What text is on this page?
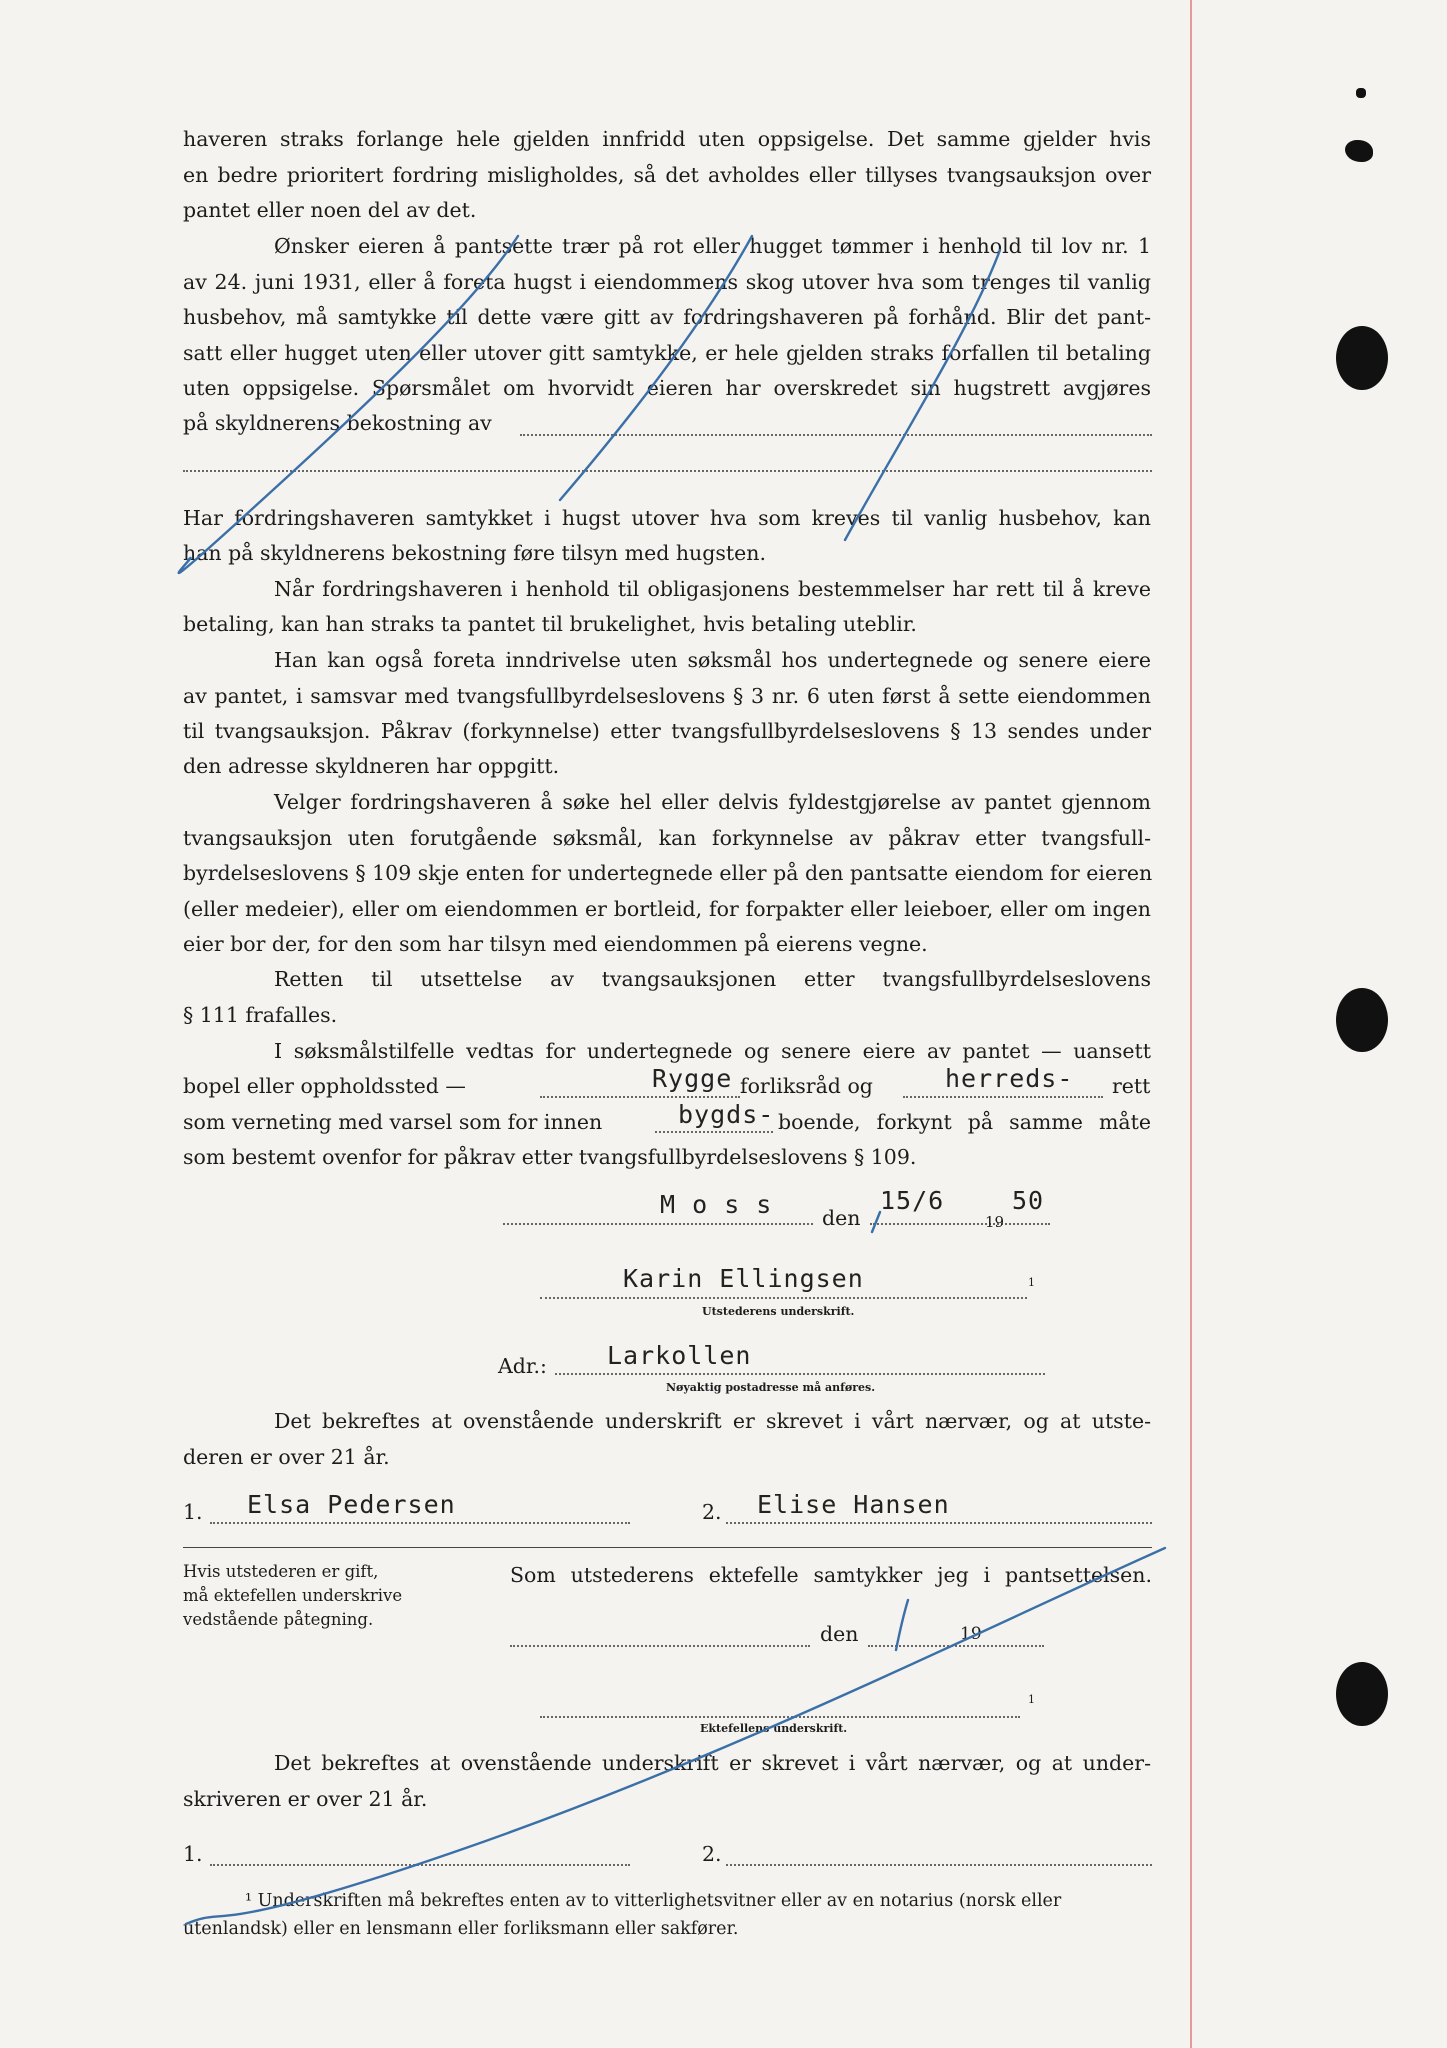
haveren straks forlange hele gjelden innfridd uten oppsigelse. Det samme gjelder hvis
en bedre prioritert fordring misligholdes, så det avholdes eller tillyses tvangsauksjon over
pantet eller noen del av det.
Ønsker eieren å pantsette trær på rot eller hugget tømmer i henhold til lov nr. 1
av 24. juni 1931, eller å foreta hugst i eiendommens skog utover hva som trenges til vanlig
husbehov, må samtykke til dette være gitt av fordringshaveren på forhånd. Blir det pant-
satt eller hugget uten eller utover gitt samtykke, er hele gjelden straks forfallen til betaling
uten oppsigelse. Spørsmålet om hvorvidt eieren har overskredet sin hugstrett avgjøres
på skyldnerens bekostning av
Har fordringshaveren samtykket i hugst utover hva som kreves til vanlig husbehov, kan
han på skyldnerens bekostning føre tilsyn med hugsten.
Når fordringshaveren i henhold til obligasjonens bestemmelser har rett til å kreve
betaling, kan han straks ta pantet til brukelighet, hvis betaling uteblir.
Han kan også foreta inndrivelse uten søksmål hos undertegnede og senere eiere
av pantet, i samsvar med tvangsfullbyrdelseslovens § 3 nr. 6 uten først å sette eiendommen
til tvangsauksjon. Påkrav (forkynnelse) etter tvangsfullbyrdelseslovens § 13 sendes under
den adresse skyldneren har oppgitt.
Velger fordringshaveren å søke hel eller delvis fyldestgjørelse av pantet gjennom
tvangsauksjon uten forutgående søksmål, kan forkynnelse av påkrav etter tvangsfull-
byrdelseslovens § 109 skje enten for undertegnede eller på den pantsatte eiendom for eieren
(eller medeier), eller om eiendommen er bortleid, for forpakter eller leieboer, eller om ingen
eier bor der, for den som har tilsyn med eiendommen på eierens vegne.
Retten til utsettelse av tvangsauksjonen etter tvangsfullbyrdelseslovens
§ 111 frafalles.
I søksmålstilfelle vedtas for undertegnede og senere eiere av pantet — uansett
bopel eller oppholdssted —	Rygge forliksråd og	herreds- rett
som verneting med varsel som for innen	bygds- boende, forkynt på samme måte
som bestemt ovenfor for påkrav etter tvangsfullbyrdelseslovens § 109.
M o s s den
15/6
19
50
Karin Ellingsen	1
Utstederens underskrift.
Adr.: Larkollen
Nøyaktig postadresse må anføres.
Det bekreftes at ovenstående underskrift er skrevet i vårt nærvær, og at utste-
deren er over 21 år.
1. Elsa Pedersen	2. Elise Hansen
Hvis utstederen er gift,
må ektefellen underskrive
vedstående påtegning.
Som utstederens ektefelle samtykker jeg i pantsettelsen.
den	19
1
Ektefellens underskrift.
Det bekreftes at ovenstående underskrift er skrevet i vårt nærvær, og at under-
skriveren er over 21 år.
1.	2.
¹ Underskriften må bekreftes enten av to vitterlighetsvitner eller av en notarius (norsk eller
utenlandsk) eller en lensmann eller forliksmann eller sakfører.
